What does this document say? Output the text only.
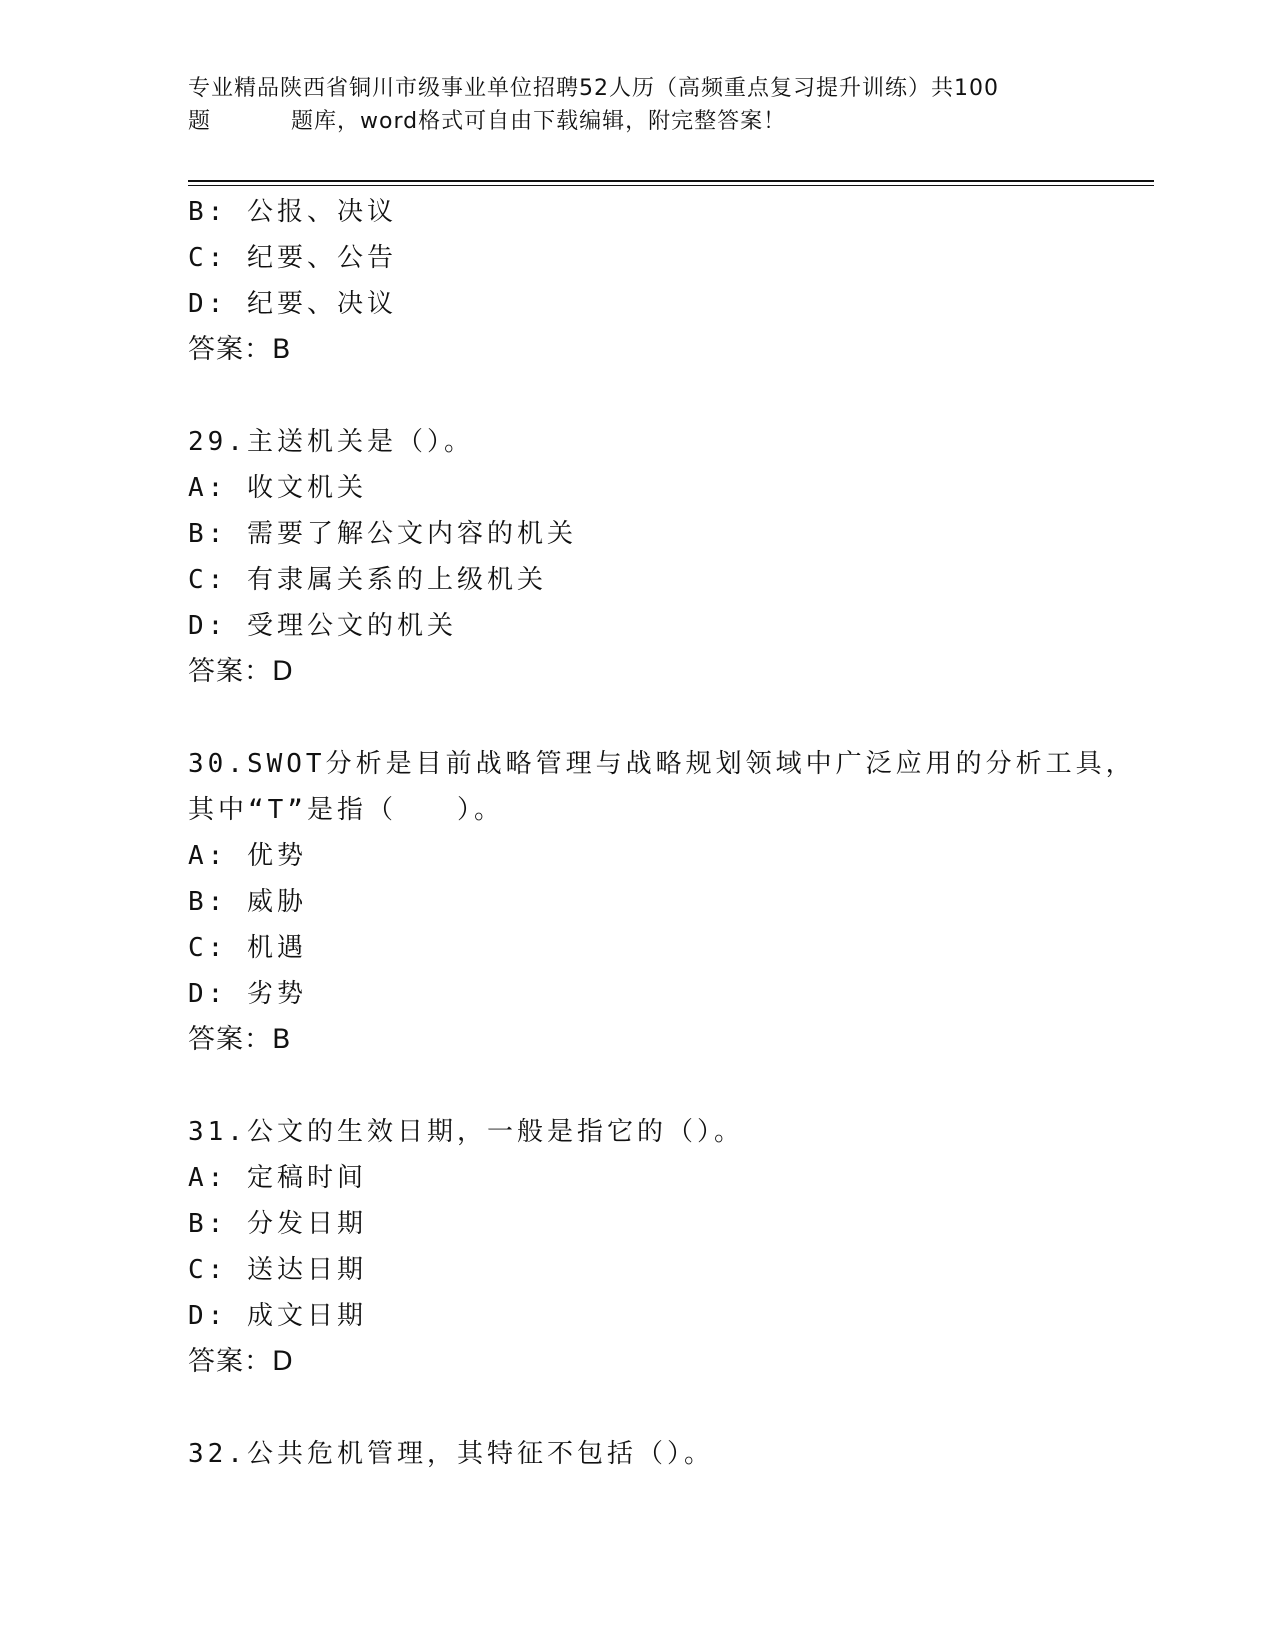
专业精品陕西省铜川市级事业单位招聘52人历（高频重点复习提升训练）共100
题	题库，word格式可自由下载编辑，附完整答案！
B: 公报、决议
C: 纪要、公告
D: 纪要、决议
答案：B
29.主送机关是（）。
A: 收文机关
B: 需要了解公文内容的机关
C: 有隶属关系的上级机关
D: 受理公文的机关
答案：D
30.SWOT分析是目前战略管理与战略规划领域中广泛应用的分析工具，
其中“T”是指（　　）。
A: 优势
B: 威胁
C: 机遇
D: 劣势
答案：B
31.公文的生效日期，一般是指它的（）。
A: 定稿时间
B: 分发日期
C: 送达日期
D: 成文日期
答案：D
32.公共危机管理，其特征不包括（）。
